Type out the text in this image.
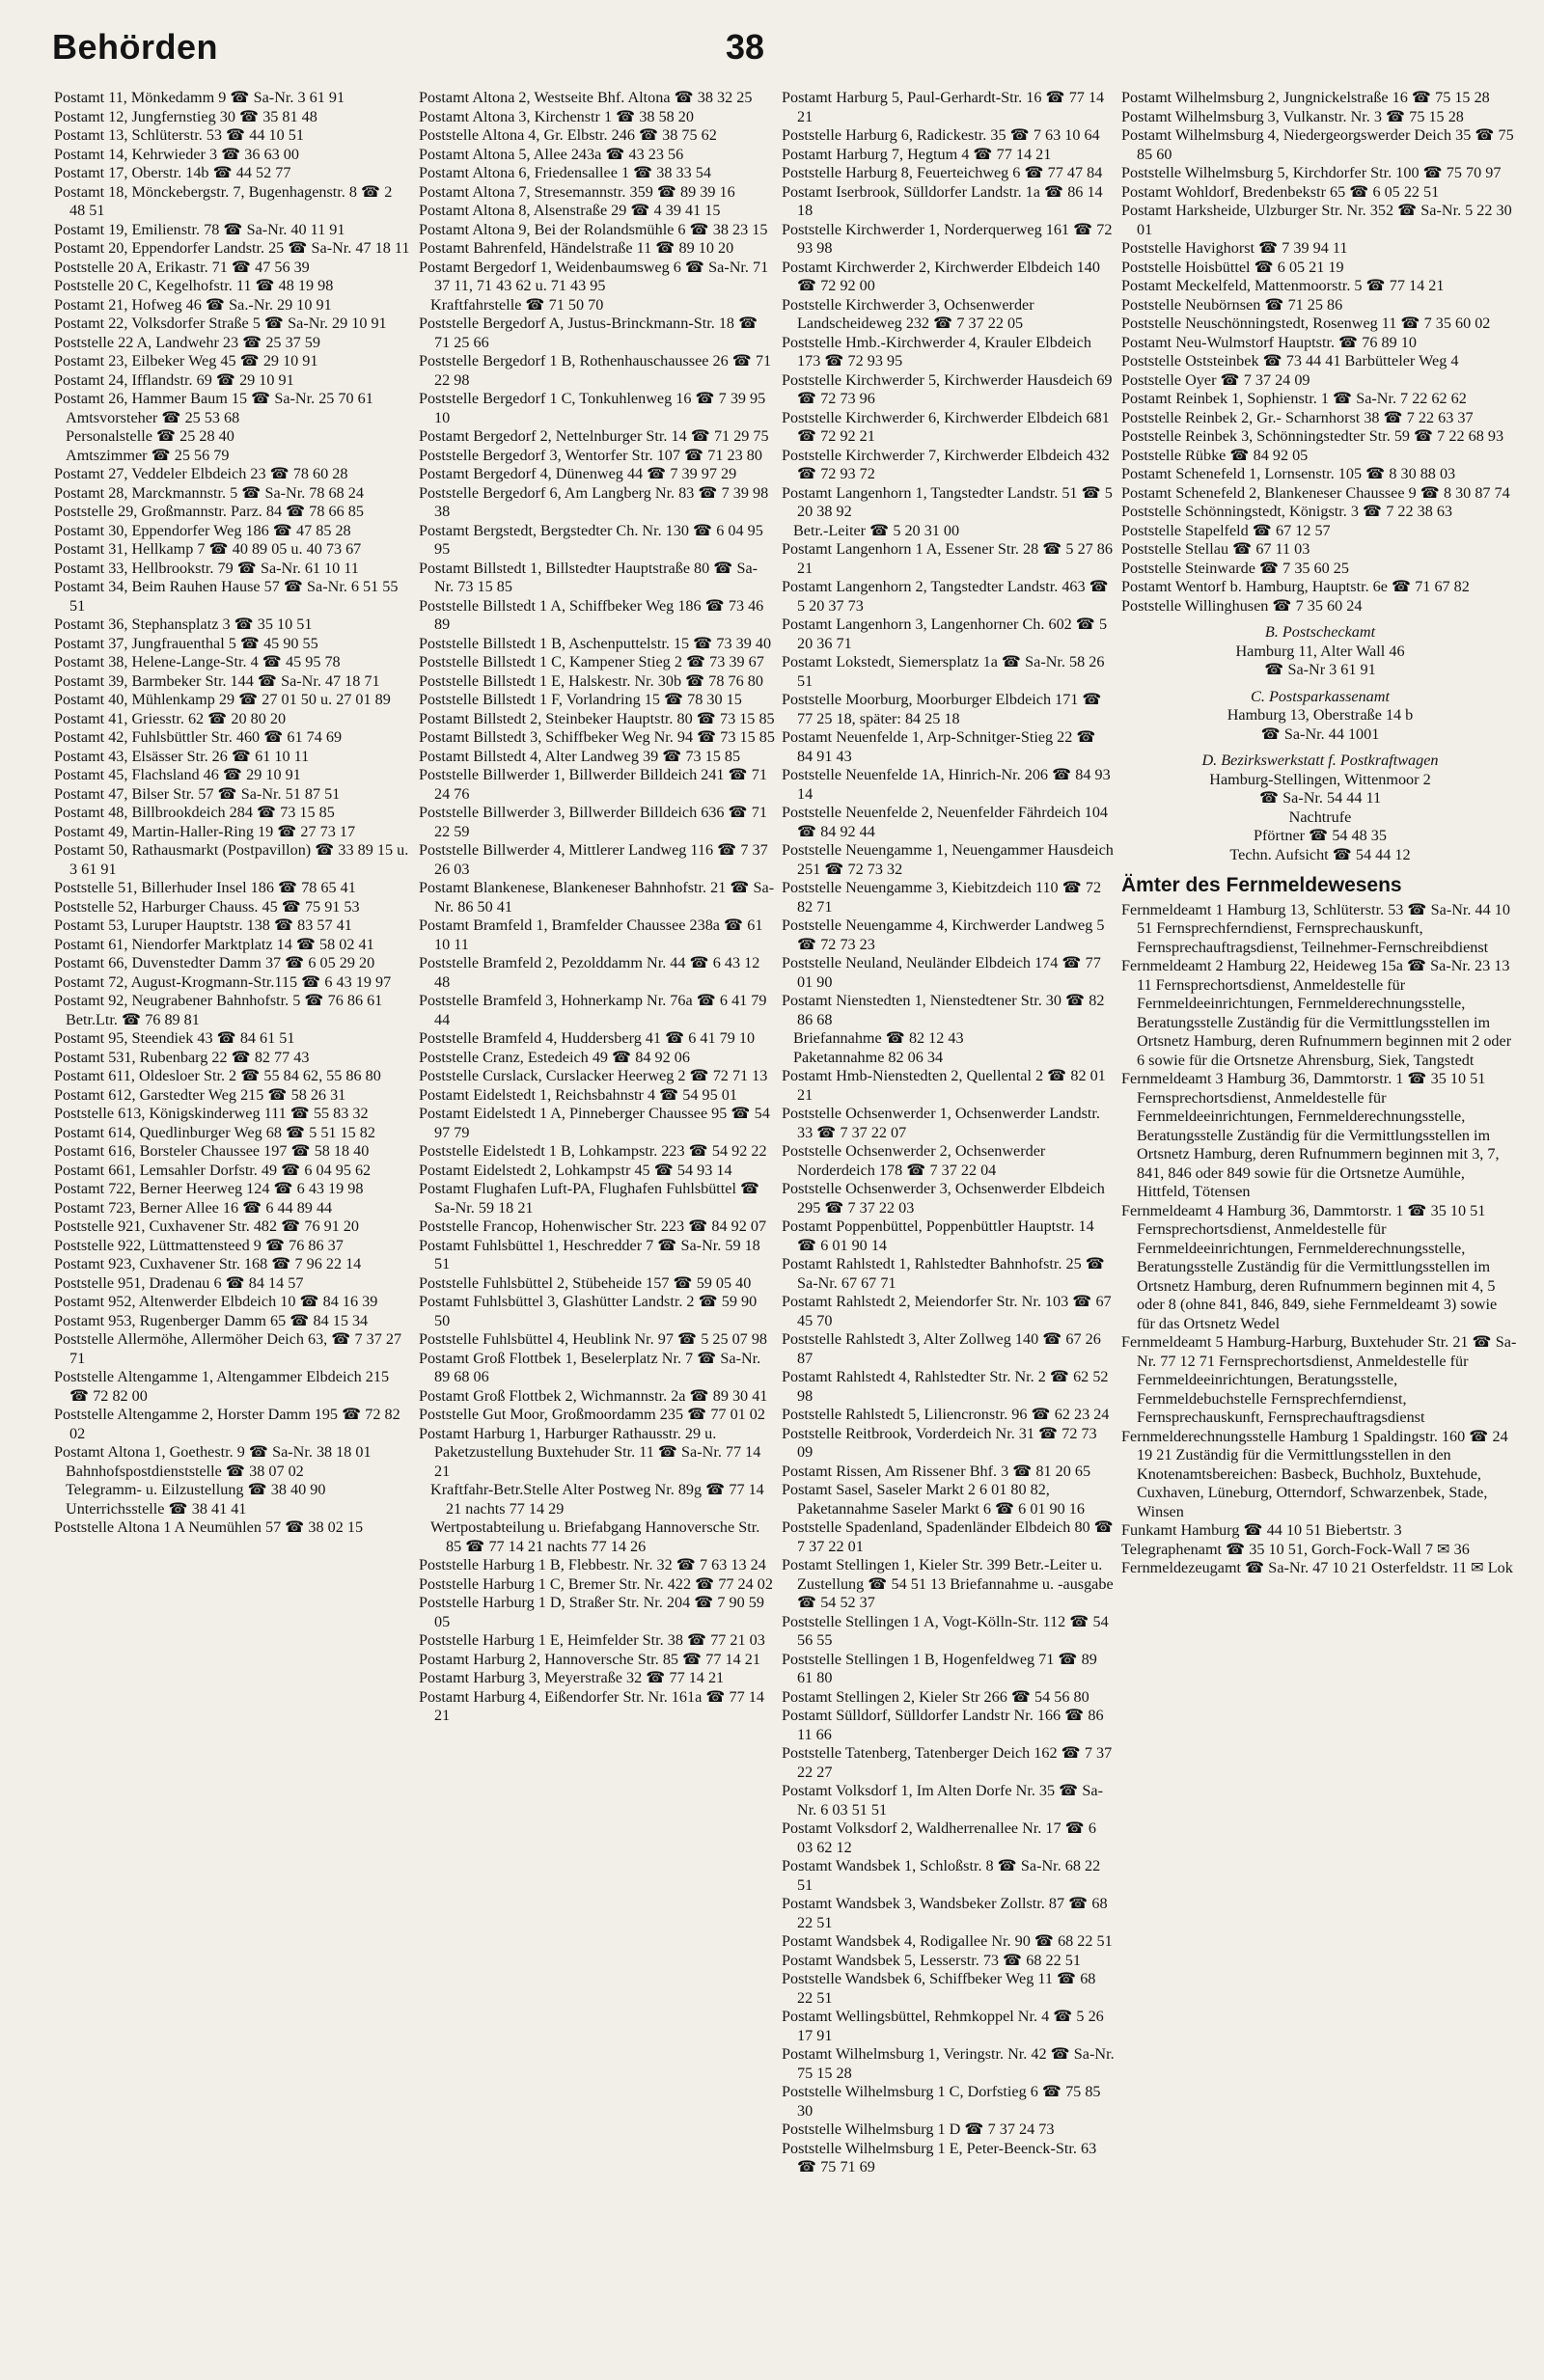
Behörden	38

Postamt 11, Mönkedamm 9 ☎ Sa-Nr. 3 61 91

Postamt 12, Jungfernstieg 30 ☎ 35 81 48

Postamt 13, Schlüterstr. 53 ☎ 44 10 51

Postamt 14, Kehrwieder 3 ☎ 36 63 00

Postamt 17, Oberstr. 14b ☎ 44 52 77

Postamt 18, Mönckebergstr. 7, Bugenhagenstr. 8 ☎ 2 48 51

Postamt 19, Emilienstr. 78 ☎ Sa-Nr. 40 11 91

Postamt 20, Eppendorfer Landstr. 25 ☎ Sa-Nr. 47 18 11

Poststelle 20 A, Erikastr. 71 ☎ 47 56 39

Poststelle 20 C, Kegelhofstr. 11 ☎ 48 19 98

Postamt 21, Hofweg 46 ☎ Sa.-Nr. 29 10 91

Postamt 22, Volksdorfer Straße 5 ☎ Sa-Nr. 29 10 91

Poststelle 22 A, Landwehr 23 ☎ 25 37 59

Postamt 23, Eilbeker Weg 45 ☎ 29 10 91

Postamt 24, Ifflandstr. 69 ☎ 29 10 91

Postamt 26, Hammer Baum 15 ☎ Sa-Nr. 25 70 61

Amtsvorsteher ☎ 25 53 68

Personalstelle ☎ 25 28 40

Amtszimmer ☎ 25 56 79

Postamt 27, Veddeler Elbdeich 23 ☎ 78 60 28

Postamt 28, Marckmannstr. 5 ☎ Sa-Nr. 78 68 24

Poststelle 29, Großmannstr. Parz. 84 ☎ 78 66 85

Postamt 30, Eppendorfer Weg 186 ☎ 47 85 28

Postamt 31, Hellkamp 7 ☎ 40 89 05 u. 40 73 67

Postamt 33, Hellbrookstr. 79 ☎ Sa-Nr. 61 10 11

Postamt 34, Beim Rauhen Hause 57 ☎ Sa-Nr. 6 51 55 51

Postamt 36, Stephansplatz 3 ☎ 35 10 51

Postamt 37, Jungfrauenthal 5 ☎ 45 90 55

Postamt 38, Helene-Lange-Str. 4 ☎ 45 95 78

Postamt 39, Barmbeker Str. 144 ☎ Sa-Nr. 47 18 71

Postamt 40, Mühlenkamp 29 ☎ 27 01 50 u. 27 01 89

Postamt 41, Griesstr. 62 ☎ 20 80 20

Postamt 42, Fuhlsbüttler Str. 460 ☎ 61 74 69

Postamt 43, Elsässer Str. 26 ☎ 61 10 11

Postamt 45, Flachsland 46 ☎ 29 10 91

Postamt 47, Bilser Str. 57 ☎ Sa-Nr. 51 87 51

Postamt 48, Billbrookdeich 284 ☎ 73 15 85

Postamt 49, Martin-Haller-Ring 19 ☎ 27 73 17

Postamt 50, Rathausmarkt (Postpavillon) ☎ 33 89 15 u. 3 61 91

Poststelle 51, Billerhuder Insel 186 ☎ 78 65 41

Poststelle 52, Harburger Chauss. 45 ☎ 75 91 53

Postamt 53, Luruper Hauptstr. 138 ☎ 83 57 41

Postamt 61, Niendorfer Marktplatz 14 ☎ 58 02 41

Postamt 66, Duvenstedter Damm 37 ☎ 6 05 29 20

Postamt 72, August-Krogmann-Str.115 ☎ 6 43 19 97

Postamt 92, Neugrabener Bahnhofstr. 5 ☎ 76 86 61

Betr.Ltr. ☎ 76 89 81

Postamt 95, Steendiek 43 ☎ 84 61 51

Postamt 531, Rubenbarg 22 ☎ 82 77 43

Postamt 611, Oldesloer Str. 2 ☎ 55 84 62, 55 86 80

Postamt 612, Garstedter Weg 215 ☎ 58 26 31

Poststelle 613, Königskinderweg 111 ☎ 55 83 32

Postamt 614, Quedlinburger Weg 68 ☎ 5 51 15 82

Postamt 616, Borsteler Chaussee 197 ☎ 58 18 40

Postamt 661, Lemsahler Dorfstr. 49 ☎ 6 04 95 62

Postamt 722, Berner Heerweg 124 ☎ 6 43 19 98

Postamt 723, Berner Allee 16 ☎ 6 44 89 44

Poststelle 921, Cuxhavener Str. 482 ☎ 76 91 20

Poststelle 922, Lüttmattensteed 9 ☎ 76 86 37

Postamt 923, Cuxhavener Str. 168 ☎ 7 96 22 14

Poststelle 951, Dradenau 6 ☎ 84 14 57

Postamt 952, Altenwerder Elbdeich 10 ☎ 84 16 39

Postamt 953, Rugenberger Damm 65 ☎ 84 15 34

Poststelle Allermöhe, Allermöher Deich 63, ☎ 7 37 27 71

Poststelle Altengamme 1, Altengammer Elbdeich 215 ☎ 72 82 00

Poststelle Altengamme 2, Horster Damm 195 ☎ 72 82 02

Postamt Altona 1, Goethestr. 9 ☎ Sa-Nr. 38 18 01

Bahnhofspostdienststelle ☎ 38 07 02

Telegramm- u. Eilzustellung ☎ 38 40 90

Unterrichsstelle ☎ 38 41 41

Poststelle Altona 1 A Neumühlen 57 ☎ 38 02 15

Postamt Altona 2, Westseite Bhf. Altona ☎ 38 32 25

Postamt Altona 3, Kirchenstr 1 ☎ 38 58 20

Poststelle Altona 4, Gr. Elbstr. 246 ☎ 38 75 62

Postamt Altona 5, Allee 243a ☎ 43 23 56

Postamt Altona 6, Friedensallee 1 ☎ 38 33 54

Postamt Altona 7, Stresemannstr. 359 ☎ 89 39 16

Postamt Altona 8, Alsenstraße 29 ☎ 4 39 41 15

Postamt Altona 9, Bei der Rolandsmühle 6 ☎ 38 23 15

Postamt Bahrenfeld, Händelstraße 11 ☎ 89 10 20

Postamt Bergedorf 1, Weidenbaumsweg 6 ☎ Sa-Nr. 71 37 11, 71 43 62 u. 71 43 95

Kraftfahrstelle ☎ 71 50 70

Poststelle Bergedorf A, Justus-Brinckmann-Str. 18 ☎ 71 25 66

Poststelle Bergedorf 1 B, Rothenhauschaussee 26 ☎ 71 22 98

Poststelle Bergedorf 1 C, Tonkuhlenweg 16 ☎ 7 39 95 10

Postamt Bergedorf 2, Nettelnburger Str. 14 ☎ 71 29 75

Poststelle Bergedorf 3, Wentorfer Str. 107 ☎ 71 23 80

Postamt Bergedorf 4, Dünenweg 44 ☎ 7 39 97 29

Poststelle Bergedorf 6, Am Langberg Nr. 83 ☎ 7 39 98 38

Postamt Bergstedt, Bergstedter Ch. Nr. 130 ☎ 6 04 95 95

Postamt Billstedt 1, Billstedter Hauptstraße 80 ☎ Sa-Nr. 73 15 85

Poststelle Billstedt 1 A, Schiffbeker Weg 186 ☎ 73 46 89

Poststelle Billstedt 1 B, Aschenputtelstr. 15 ☎ 73 39 40

Poststelle Billstedt 1 C, Kampener Stieg 2 ☎ 73 39 67

Poststelle Billstedt 1 E, Halskestr. Nr. 30b ☎ 78 76 80

Poststelle Billstedt 1 F, Vorlandring 15 ☎ 78 30 15

Postamt Billstedt 2, Steinbeker Hauptstr. 80 ☎ 73 15 85

Postamt Billstedt 3, Schiffbeker Weg Nr. 94 ☎ 73 15 85

Postamt Billstedt 4, Alter Landweg 39 ☎ 73 15 85

Poststelle Billwerder 1, Billwerder Billdeich 241 ☎ 71 24 76

Poststelle Billwerder 3, Billwerder Billdeich 636 ☎ 71 22 59

Poststelle Billwerder 4, Mittlerer Landweg 116 ☎ 7 37 26 03

Postamt Blankenese, Blankeneser Bahnhofstr. 21 ☎ Sa-Nr. 86 50 41

Postamt Bramfeld 1, Bramfelder Chaussee 238a ☎ 61 10 11

Poststelle Bramfeld 2, Pezolddamm Nr. 44 ☎ 6 43 12 48

Poststelle Bramfeld 3, Hohnerkamp Nr. 76a ☎ 6 41 79 44

Poststelle Bramfeld 4, Huddersberg 41 ☎ 6 41 79 10

Poststelle Cranz, Estedeich 49 ☎ 84 92 06

Poststelle Curslack, Curslacker Heerweg 2 ☎ 72 71 13

Postamt Eidelstedt 1, Reichsbahnstr 4 ☎ 54 95 01

Postamt Eidelstedt 1 A, Pinneberger Chaussee 95 ☎ 54 97 79

Poststelle Eidelstedt 1 B, Lohkampstr. 223 ☎ 54 92 22

Postamt Eidelstedt 2, Lohkampstr 45 ☎ 54 93 14

Postamt Flughafen Luft-PA, Flughafen Fuhlsbüttel ☎ Sa-Nr. 59 18 21

Poststelle Francop, Hohenwischer Str. 223 ☎ 84 92 07

Postamt Fuhlsbüttel 1, Heschredder 7 ☎ Sa-Nr. 59 18 51

Poststelle Fuhlsbüttel 2, Stübeheide 157 ☎ 59 05 40

Postamt Fuhlsbüttel 3, Glashütter Landstr. 2 ☎ 59 90 50

Poststelle Fuhlsbüttel 4, Heublink Nr. 97 ☎ 5 25 07 98

Postamt Groß Flottbek 1, Beselerplatz Nr. 7 ☎ Sa-Nr. 89 68 06

Postamt Groß Flottbek 2, Wichmannstr. 2a ☎ 89 30 41

Poststelle Gut Moor, Großmoordamm 235 ☎ 77 01 02

Postamt Harburg 1, Harburger Rathausstr. 29 u. Paketzustellung Buxtehuder Str. 11 ☎ Sa-Nr. 77 14 21

Kraftfahr-Betr.Stelle Alter Postweg Nr. 89g ☎ 77 14 21 nachts 77 14 29

Wertpostabteilung u. Briefabgang Hannoversche Str. 85 ☎ 77 14 21 nachts 77 14 26

Poststelle Harburg 1 B, Flebbestr. Nr. 32 ☎ 7 63 13 24

Poststelle Harburg 1 C, Bremer Str. Nr. 422 ☎ 77 24 02

Poststelle Harburg 1 D, Straßer Str. Nr. 204 ☎ 7 90 59 05

Poststelle Harburg 1 E, Heimfelder Str. 38 ☎ 77 21 03

Postamt Harburg 2, Hannoversche Str. 85 ☎ 77 14 21

Postamt Harburg 3, Meyerstraße 32 ☎ 77 14 21

Postamt Harburg 4, Eißendorfer Str. Nr. 161a ☎ 77 14 21

Postamt Harburg 5, Paul-Gerhardt-Str. 16 ☎ 77 14 21

Poststelle Harburg 6, Radickestr. 35 ☎ 7 63 10 64

Postamt Harburg 7, Hegtum 4 ☎ 77 14 21

Poststelle Harburg 8, Feuerteichweg 6 ☎ 77 47 84

Postamt Iserbrook, Sülldorfer Landstr. 1a ☎ 86 14 18

Poststelle Kirchwerder 1, Norderquerweg 161 ☎ 72 93 98

Postamt Kirchwerder 2, Kirchwerder Elbdeich 140 ☎ 72 92 00

Poststelle Kirchwerder 3, Ochsenwerder Landscheideweg 232 ☎ 7 37 22 05

Poststelle Hmb.-Kirchwerder 4, Krauler Elbdeich 173 ☎ 72 93 95

Poststelle Kirchwerder 5, Kirchwerder Hausdeich 69 ☎ 72 73 96

Poststelle Kirchwerder 6, Kirchwerder Elbdeich 681 ☎ 72 92 21

Poststelle Kirchwerder 7, Kirchwerder Elbdeich 432 ☎ 72 93 72

Postamt Langenhorn 1, Tangstedter Landstr. 51 ☎ 5 20 38 92

Betr.-Leiter ☎ 5 20 31 00

Postamt Langenhorn 1 A, Essener Str. 28 ☎ 5 27 86 21

Postamt Langenhorn 2, Tangstedter Landstr. 463 ☎ 5 20 37 73

Postamt Langenhorn 3, Langenhorner Ch. 602 ☎ 5 20 36 71

Postamt Lokstedt, Siemersplatz 1a ☎ Sa-Nr. 58 26 51

Poststelle Moorburg, Moorburger Elbdeich 171 ☎ 77 25 18, später: 84 25 18

Postamt Neuenfelde 1, Arp-Schnitger-Stieg 22 ☎ 84 91 43

Poststelle Neuenfelde 1A, Hinrich-Nr. 206 ☎ 84 93 14

Poststelle Neuenfelde 2, Neuenfelder Fährdeich 104 ☎ 84 92 44

Poststelle Neuengamme 1, Neuengammer Hausdeich 251 ☎ 72 73 32

Poststelle Neuengamme 3, Kiebitzdeich 110 ☎ 72 82 71

Poststelle Neuengamme 4, Kirchwerder Landweg 5 ☎ 72 73 23

Poststelle Neuland, Neuländer Elbdeich 174 ☎ 77 01 90

Postamt Nienstedten 1, Nienstedtener Str. 30 ☎ 82 86 68

Briefannahme ☎ 82 12 43

Paketannahme 82 06 34

Postamt Hmb-Nienstedten 2, Quellental 2 ☎ 82 01 21

Poststelle Ochsenwerder 1, Ochsenwerder Landstr. 33 ☎ 7 37 22 07

Poststelle Ochsenwerder 2, Ochsenwerder Norderdeich 178 ☎ 7 37 22 04

Poststelle Ochsenwerder 3, Ochsenwerder Elbdeich 295 ☎ 7 37 22 03

Postamt Poppenbüttel, Poppenbüttler Hauptstr. 14 ☎ 6 01 90 14

Postamt Rahlstedt 1, Rahlstedter Bahnhofstr. 25 ☎ Sa-Nr. 67 67 71

Postamt Rahlstedt 2, Meiendorfer Str. Nr. 103 ☎ 67 45 70

Poststelle Rahlstedt 3, Alter Zollweg 140 ☎ 67 26 87

Postamt Rahlstedt 4, Rahlstedter Str. Nr. 2 ☎ 62 52 98

Poststelle Rahlstedt 5, Liliencronstr. 96 ☎ 62 23 24

Poststelle Reitbrook, Vorderdeich Nr. 31 ☎ 72 73 09

Postamt Rissen, Am Rissener Bhf. 3 ☎ 81 20 65

Postamt Sasel, Saseler Markt 2 6 01 80 82, Paketannahme Saseler Markt 6 ☎ 6 01 90 16

Poststelle Spadenland, Spadenländer Elbdeich 80 ☎ 7 37 22 01

Postamt Stellingen 1, Kieler Str. 399 Betr.-Leiter u. Zustellung ☎ 54 51 13 Briefannahme u. -ausgabe ☎ 54 52 37

Poststelle Stellingen 1 A, Vogt-Kölln-Str. 112 ☎ 54 56 55

Poststelle Stellingen 1 B, Hogenfeldweg 71 ☎ 89 61 80

Postamt Stellingen 2, Kieler Str 266 ☎ 54 56 80

Postamt Sülldorf, Sülldorfer Landstr Nr. 166 ☎ 86 11 66

Poststelle Tatenberg, Tatenberger Deich 162 ☎ 7 37 22 27

Postamt Volksdorf 1, Im Alten Dorfe Nr. 35 ☎ Sa-Nr. 6 03 51 51

Postamt Volksdorf 2, Waldherrenallee Nr. 17 ☎ 6 03 62 12

Postamt Wandsbek 1, Schloßstr. 8 ☎ Sa-Nr. 68 22 51

Postamt Wandsbek 3, Wandsbeker Zollstr. 87 ☎ 68 22 51

Postamt Wandsbek 4, Rodigallee Nr. 90 ☎ 68 22 51

Postamt Wandsbek 5, Lesserstr. 73 ☎ 68 22 51

Poststelle Wandsbek 6, Schiffbeker Weg 11 ☎ 68 22 51

Postamt Wellingsbüttel, Rehmkoppel Nr. 4 ☎ 5 26 17 91

Postamt Wilhelmsburg 1, Veringstr. Nr. 42 ☎ Sa-Nr. 75 15 28

Poststelle Wilhelmsburg 1 C, Dorfstieg 6 ☎ 75 85 30

Poststelle Wilhelmsburg 1 D ☎ 7 37 24 73

Poststelle Wilhelmsburg 1 E, Peter-Beenck-Str. 63 ☎ 75 71 69

Postamt Wilhelmsburg 2, Jungnickelstraße 16 ☎ 75 15 28

Postamt Wilhelmsburg 3, Vulkanstr. Nr. 3 ☎ 75 15 28

Postamt Wilhelmsburg 4, Niedergeorgswerder Deich 35 ☎ 75 85 60

Poststelle Wilhelmsburg 5, Kirchdorfer Str. 100 ☎ 75 70 97

Postamt Wohldorf, Bredenbekstr 65 ☎ 6 05 22 51

Postamt Harksheide, Ulzburger Str. Nr. 352 ☎ Sa-Nr. 5 22 30 01

Poststelle Havighorst ☎ 7 39 94 11

Poststelle Hoisbüttel ☎ 6 05 21 19

Postamt Meckelfeld, Mattenmoorstr. 5 ☎ 77 14 21

Poststelle Neubörnsen ☎ 71 25 86

Poststelle Neuschönningstedt, Rosenweg 11 ☎ 7 35 60 02

Postamt Neu-Wulmstorf Hauptstr. ☎ 76 89 10

Poststelle Oststeinbek ☎ 73 44 41 Barbütteler Weg 4

Poststelle Oyer ☎ 7 37 24 09

Postamt Reinbek 1, Sophienstr. 1 ☎ Sa-Nr. 7 22 62 62

Poststelle Reinbek 2, Gr.- Scharnhorst 38 ☎ 7 22 63 37

Poststelle Reinbek 3, Schönningstedter Str. 59 ☎ 7 22 68 93

Poststelle Rübke ☎ 84 92 05

Postamt Schenefeld 1, Lornsenstr. 105 ☎ 8 30 88 03

Postamt Schenefeld 2, Blankeneser Chaussee 9 ☎ 8 30 87 74

Poststelle Schönningstedt, Königstr. 3 ☎ 7 22 38 63

Poststelle Stapelfeld ☎ 67 12 57

Poststelle Stellau ☎ 67 11 03

Poststelle Steinwarde ☎ 7 35 60 25

Postamt Wentorf b. Hamburg, Hauptstr. 6e ☎ 71 67 82

Poststelle Willinghusen ☎ 7 35 60 24

B. Postscheckamt

Hamburg 11, Alter Wall 46

☎ Sa-Nr 3 61 91

C. Postsparkassenamt

Hamburg 13, Oberstraße 14 b

☎ Sa-Nr. 44 1001

D. Bezirkswerkstatt f. Postkraftwagen

Hamburg-Stellingen, Wittenmoor 2

☎ Sa-Nr. 54 44 11

Nachtrufe

Pförtner ☎ 54 48 35

Techn. Aufsicht ☎ 54 44 12

Ämter des Fernmeldewesens

Fernmeldeamt 1 Hamburg 13, Schlüterstr. 53 ☎ Sa-Nr. 44 10 51 Fernsprechferndienst, Fernsprechauskunft, Fernsprechauftragsdienst, Teilnehmer-Fernschreibdienst

Fernmeldeamt 2 Hamburg 22, Heideweg 15a ☎ Sa-Nr. 23 13 11 Fernsprechortsdienst, Anmeldestelle für Fernmeldeeinrichtungen, Fernmelderechnungsstelle, Beratungsstelle Zuständig für die Vermittlungsstellen im Ortsnetz Hamburg, deren Rufnummern beginnen mit 2 oder 6 sowie für die Ortsnetze Ahrensburg, Siek, Tangstedt

Fernmeldeamt 3 Hamburg 36, Dammtorstr. 1 ☎ 35 10 51 Fernsprechortsdienst, Anmeldestelle für Fernmeldeeinrichtungen, Fernmelderechnungsstelle, Beratungsstelle Zuständig für die Vermittlungsstellen im Ortsnetz Hamburg, deren Rufnummern beginnen mit 3, 7, 841, 846 oder 849 sowie für die Ortsnetze Aumühle, Hittfeld, Tötensen

Fernmeldeamt 4 Hamburg 36, Dammtorstr. 1 ☎ 35 10 51 Fernsprechortsdienst, Anmeldestelle für Fernmeldeeinrichtungen, Fernmelderechnungsstelle, Beratungsstelle Zuständig für die Vermittlungsstellen im Ortsnetz Hamburg, deren Rufnummern beginnen mit 4, 5 oder 8 (ohne 841, 846, 849, siehe Fernmeldeamt 3) sowie für das Ortsnetz Wedel

Fernmeldeamt 5 Hamburg-Harburg, Buxtehuder Str. 21 ☎ Sa-Nr. 77 12 71 Fernsprechortsdienst, Anmeldestelle für Fernmeldeeinrichtungen, Beratungsstelle, Fernmeldebuchstelle Fernsprechferndienst, Fernsprechauskunft, Fernsprechauftragsdienst

Fernmelderechnungsstelle Hamburg 1 Spaldingstr. 160 ☎ 24 19 21 Zuständig für die Vermittlungsstellen in den Knotenamtsbereichen: Basbeck, Buchholz, Buxtehude, Cuxhaven, Lüneburg, Otterndorf, Schwarzenbek, Stade, Winsen

Funkamt Hamburg ☎ 44 10 51 Biebertstr. 3

Telegraphenamt ☎ 35 10 51, Gorch-Fock-Wall 7 ✉ 36

Fernmeldezeugamt ☎ Sa-Nr. 47 10 21 Osterfeldstr. 11 ✉ Lok
